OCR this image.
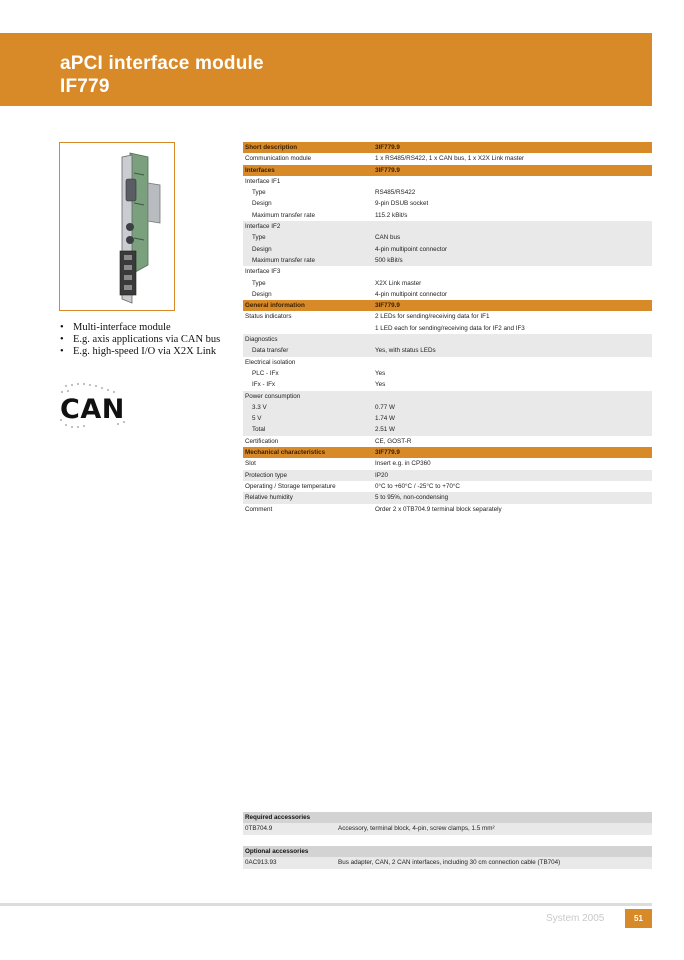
aPCI interface module
IF779
• Multi-interface module
• E.g. axis applications via CAN bus
• E.g. high-speed I/O via X2X Link
CAN
Short description	3IF779.9
Communication module	1 x RS485/RS422, 1 x CAN bus, 1 x X2X Link master
Interfaces	3IF779.9
Interface IF1
Type	RS485/RS422
Design	9-pin DSUB socket
Maximum transfer rate	115.2 kBit/s
Interface IF2
Type	CAN bus
Design	4-pin multipoint connector
Maximum transfer rate	500 kBit/s
Interface IF3
Type	X2X Link master
Design	4-pin multipoint connector
General information	3IF779.9
Status indicators	2 LEDs for sending/receiving data for IF1
1 LED each for sending/receiving data for IF2 and IF3
Diagnostics
Data transfer	Yes, with status LEDs
Electrical isolation
PLC - IFx	Yes
IFx - IFx	Yes
Power consumption
3.3 V	0.77 W
5 V	1.74 W
Total	2.51 W
Certification	CE, GOST-R
Mechanical characteristics	3IF779.9
Slot	Insert e.g. in CP360
Protection type	IP20
Operating / Storage temperature	0°C to +60°C / -25°C to +70°C
Relative humidity	5 to 95%, non-condensing
Comment	Order 2 x 0TB704.9 terminal block separately
Required accessories
0TB704.9	Accessory, terminal block, 4-pin, screw clamps, 1.5 mm²
Optional accessories
0AC913.93	Bus adapter, CAN, 2 CAN interfaces, including 30 cm connection cable (TB704)
System 2005	51
